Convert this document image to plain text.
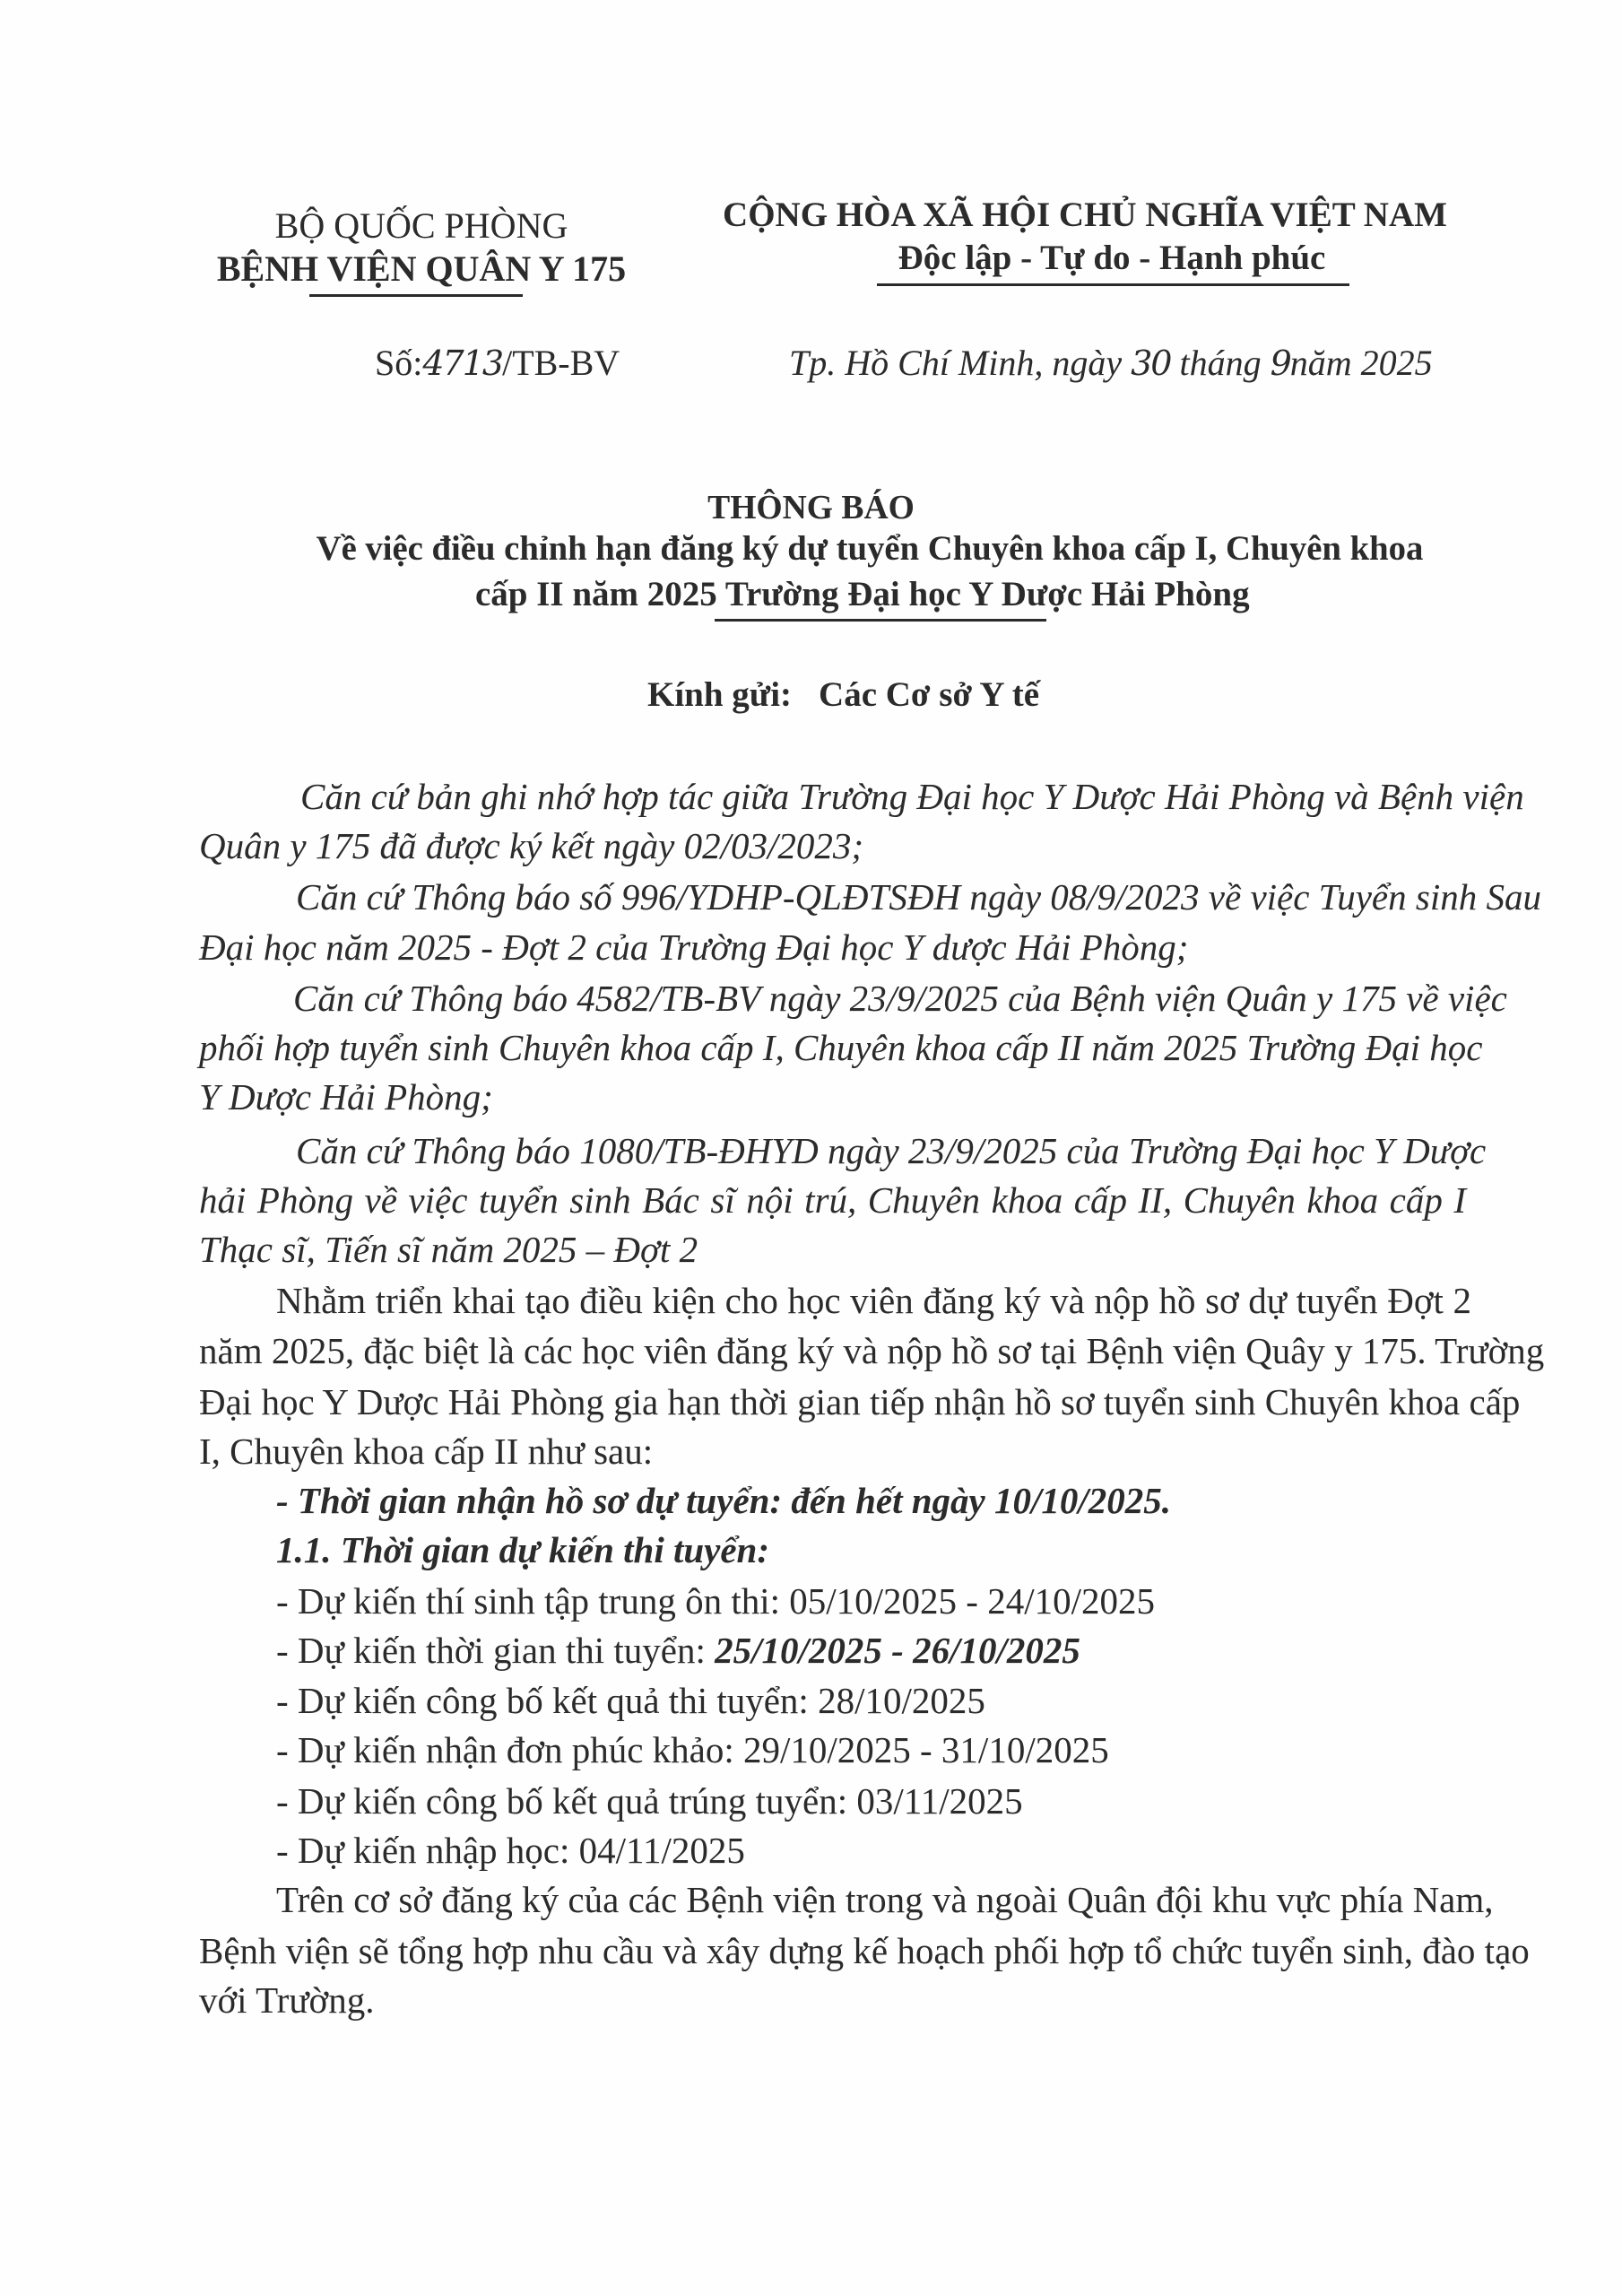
BỘ QUỐC PHÒNG
BỆNH VIỆN QUÂN Y 175
Số:4713/TB-BV
CỘNG HÒA XÃ HỘI CHỦ NGHĨA VIỆT NAM
Độc lập - Tự do - Hạnh phúc
Tp. Hồ Chí Minh, ngày 30 tháng 9năm 2025
THÔNG BÁO
Về việc điều chỉnh hạn đăng ký dự tuyển Chuyên khoa cấp I, Chuyên khoa
cấp II năm 2025 Trường Đại học Y Dược Hải Phòng
Kính gửi: Các Cơ sở Y tế
Căn cứ bản ghi nhớ hợp tác giữa Trường Đại học Y Dược Hải Phòng và Bệnh viện
Quân y 175 đã được ký kết ngày 02/03/2023;
Căn cứ Thông báo số 996/YDHP-QLĐTSĐH ngày 08/9/2023 về việc Tuyển sinh Sau
Đại học năm 2025 - Đợt 2 của Trường Đại học Y dược Hải Phòng;
Căn cứ Thông báo 4582/TB-BV ngày 23/9/2025 của Bệnh viện Quân y 175 về việc
phối hợp tuyển sinh Chuyên khoa cấp I, Chuyên khoa cấp II năm 2025 Trường Đại học
Y Dược Hải Phòng;
Căn cứ Thông báo 1080/TB-ĐHYD ngày 23/9/2025 của Trường Đại học Y Dược
hải Phòng về việc tuyển sinh Bác sĩ nội trú, Chuyên khoa cấp II, Chuyên khoa cấp I
Thạc sĩ, Tiến sĩ năm 2025 – Đợt 2
Nhằm triển khai tạo điều kiện cho học viên đăng ký và nộp hồ sơ dự tuyển Đợt 2
năm 2025, đặc biệt là các học viên đăng ký và nộp hồ sơ tại Bệnh viện Quây y 175. Trường
Đại học Y Dược Hải Phòng gia hạn thời gian tiếp nhận hồ sơ tuyển sinh Chuyên khoa cấp
I, Chuyên khoa cấp II như sau:
- Thời gian nhận hồ sơ dự tuyển: đến hết ngày 10/10/2025.
1.1. Thời gian dự kiến thi tuyển:
- Dự kiến thí sinh tập trung ôn thi: 05/10/2025 - 24/10/2025
- Dự kiến thời gian thi tuyển: 25/10/2025 - 26/10/2025
- Dự kiến công bố kết quả thi tuyển: 28/10/2025
- Dự kiến nhận đơn phúc khảo: 29/10/2025 - 31/10/2025
- Dự kiến công bố kết quả trúng tuyển: 03/11/2025
- Dự kiến nhập học: 04/11/2025
Trên cơ sở đăng ký của các Bệnh viện trong và ngoài Quân đội khu vực phía Nam,
Bệnh viện sẽ tổng hợp nhu cầu và xây dựng kế hoạch phối hợp tổ chức tuyển sinh, đào tạo
với Trường.
